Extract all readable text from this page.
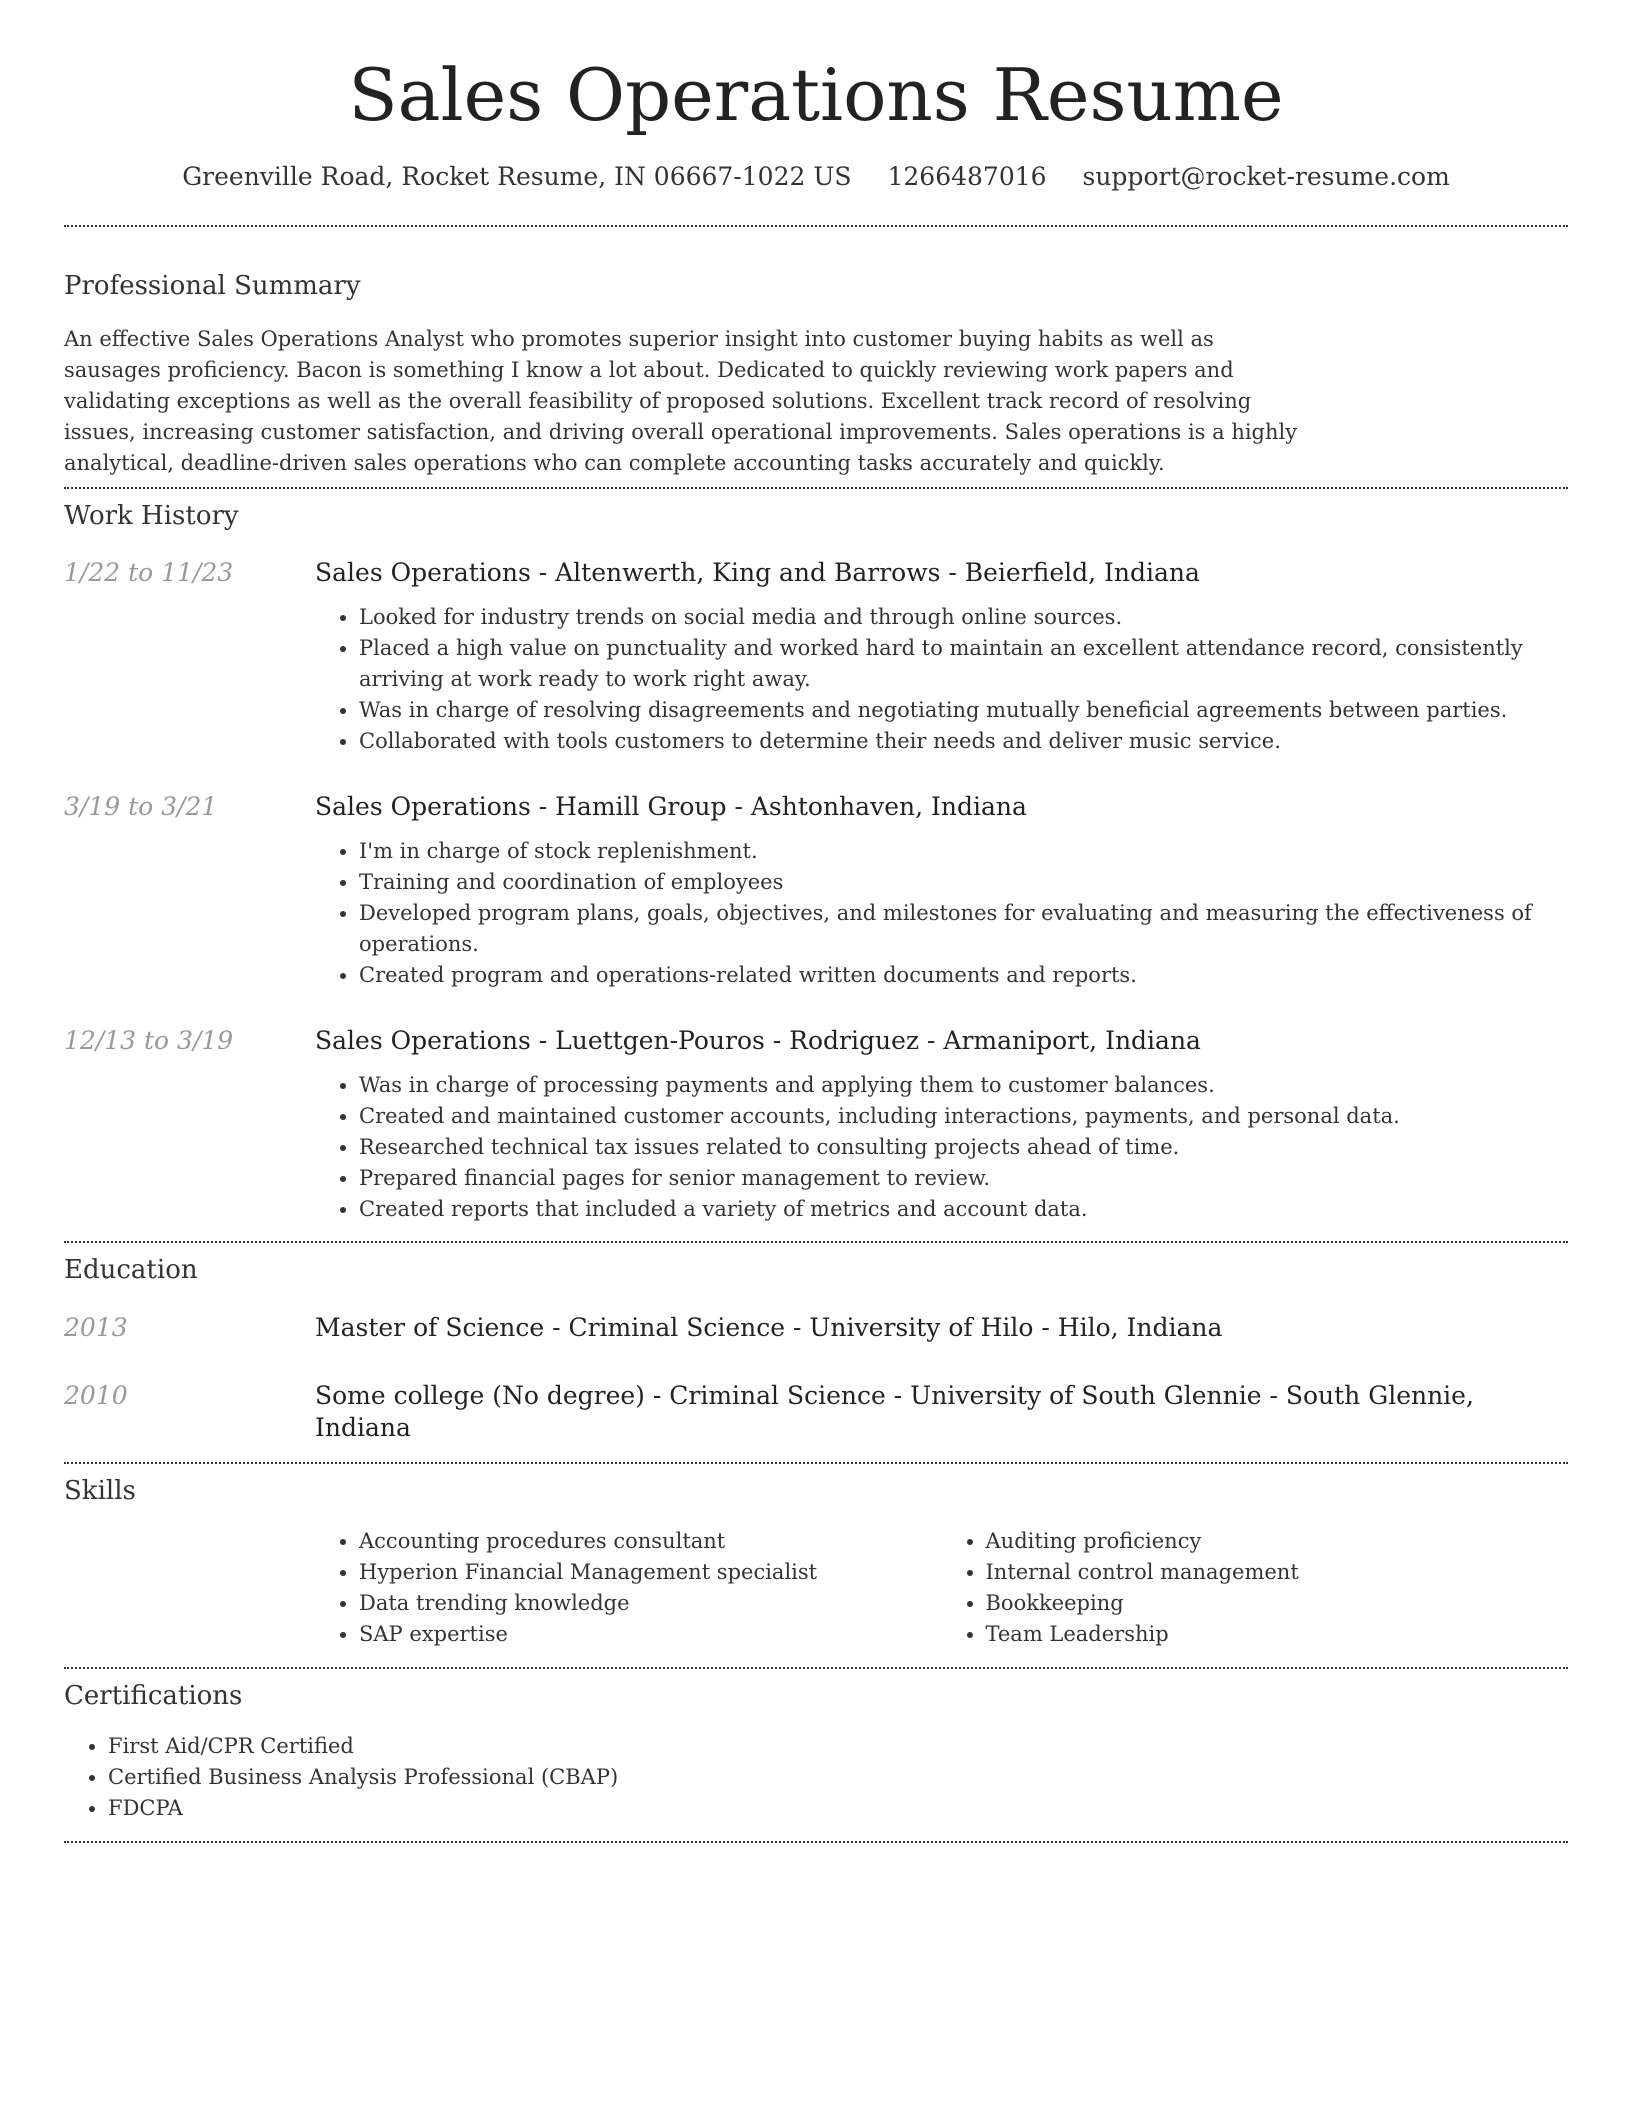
Sales Operations Resume
Greenville Road, Rocket Resume, IN 06667-1022 US 1266487016 support@rocket-resume.com
Professional Summary

An effective Sales Operations Analyst who promotes superior insight into customer buying habits as well as sausages proficiency. Bacon is something I know a lot about. Dedicated to quickly reviewing work papers and validating exceptions as well as the overall feasibility of proposed solutions. Excellent track record of resolving issues, increasing customer satisfaction, and driving overall operational improvements. Sales operations is a highly analytical, deadline-driven sales operations who can complete accounting tasks accurately and quickly.

Work History
1/22 to 11/23	Sales Operations - Altenwerth, King and Barrows - Beierfield, Indiana
• Looked for industry trends on social media and through online sources.
• Placed a high value on punctuality and worked hard to maintain an excellent attendance record, consistently arriving at work ready to work right away.
• Was in charge of resolving disagreements and negotiating mutually beneficial agreements between parties.
• Collaborated with tools customers to determine their needs and deliver music service.
3/19 to 3/21	Sales Operations - Hamill Group - Ashtonhaven, Indiana
• I'm in charge of stock replenishment.
• Training and coordination of employees
• Developed program plans, goals, objectives, and milestones for evaluating and measuring the effectiveness of operations.
• Created program and operations-related written documents and reports.
12/13 to 3/19	Sales Operations - Luettgen-Pouros - Rodriguez - Armaniport, Indiana
• Was in charge of processing payments and applying them to customer balances.
• Created and maintained customer accounts, including interactions, payments, and personal data.
• Researched technical tax issues related to consulting projects ahead of time.
• Prepared financial pages for senior management to review.
• Created reports that included a variety of metrics and account data.
Education
2013	Master of Science - Criminal Science - University of Hilo - Hilo, Indiana
2010	Some college (No degree) - Criminal Science - University of South Glennie - South Glennie, Indiana
Skills
• Accounting procedures consultant
• Hyperion Financial Management specialist
• Data trending knowledge
• SAP expertise
• Auditing proficiency
• Internal control management
• Bookkeeping
• Team Leadership
Certifications
• First Aid/CPR Certified
• Certified Business Analysis Professional (CBAP)
• FDCPA
